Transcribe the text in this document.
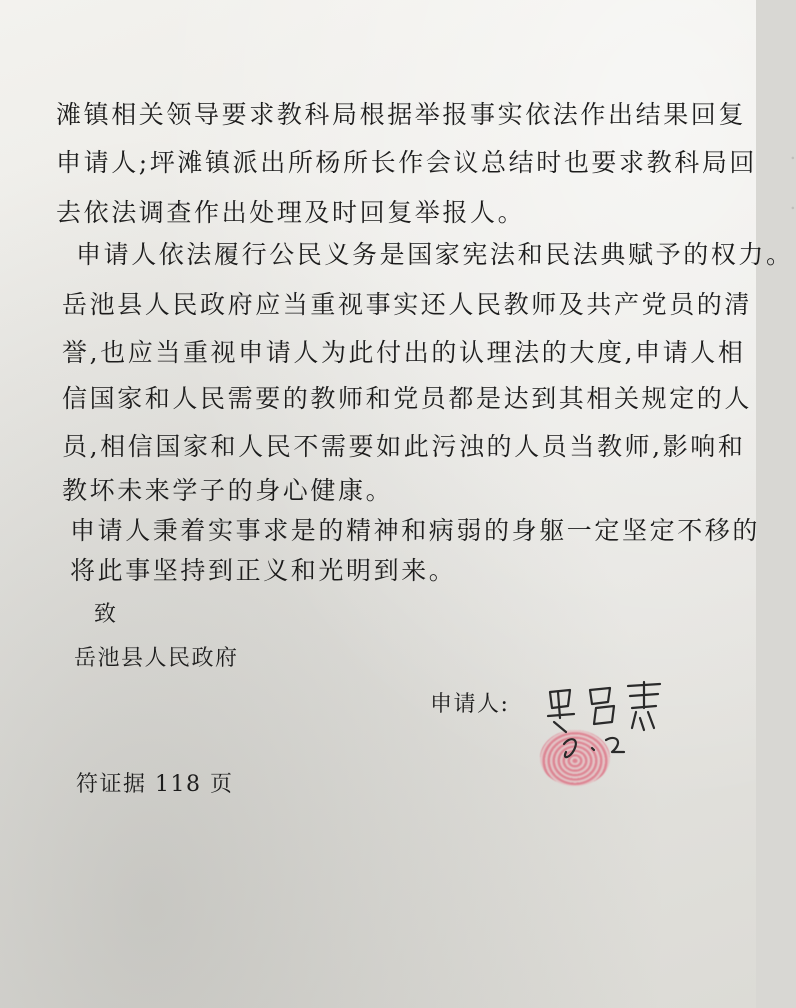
.
.
滩镇相关领导要求教科局根据举报事实依法作出结果回复
申请人;坪滩镇派出所杨所长作会议总结时也要求教科局回
去依法调查作出处理及时回复举报人。
申请人依法履行公民义务是国家宪法和民法典赋予的权力。
岳池县人民政府应当重视事实还人民教师及共产党员的清
誉,也应当重视申请人为此付出的认理法的大度,申请人相
信国家和人民需要的教师和党员都是达到其相关规定的人
员,相信国家和人民不需要如此污浊的人员当教师,影响和
教坏未来学子的身心健康。
申请人秉着实事求是的精神和病弱的身躯一定坚定不移的
将此事坚持到正义和光明到来。
致
岳池县人民政府
申请人:
符证据 118 页
